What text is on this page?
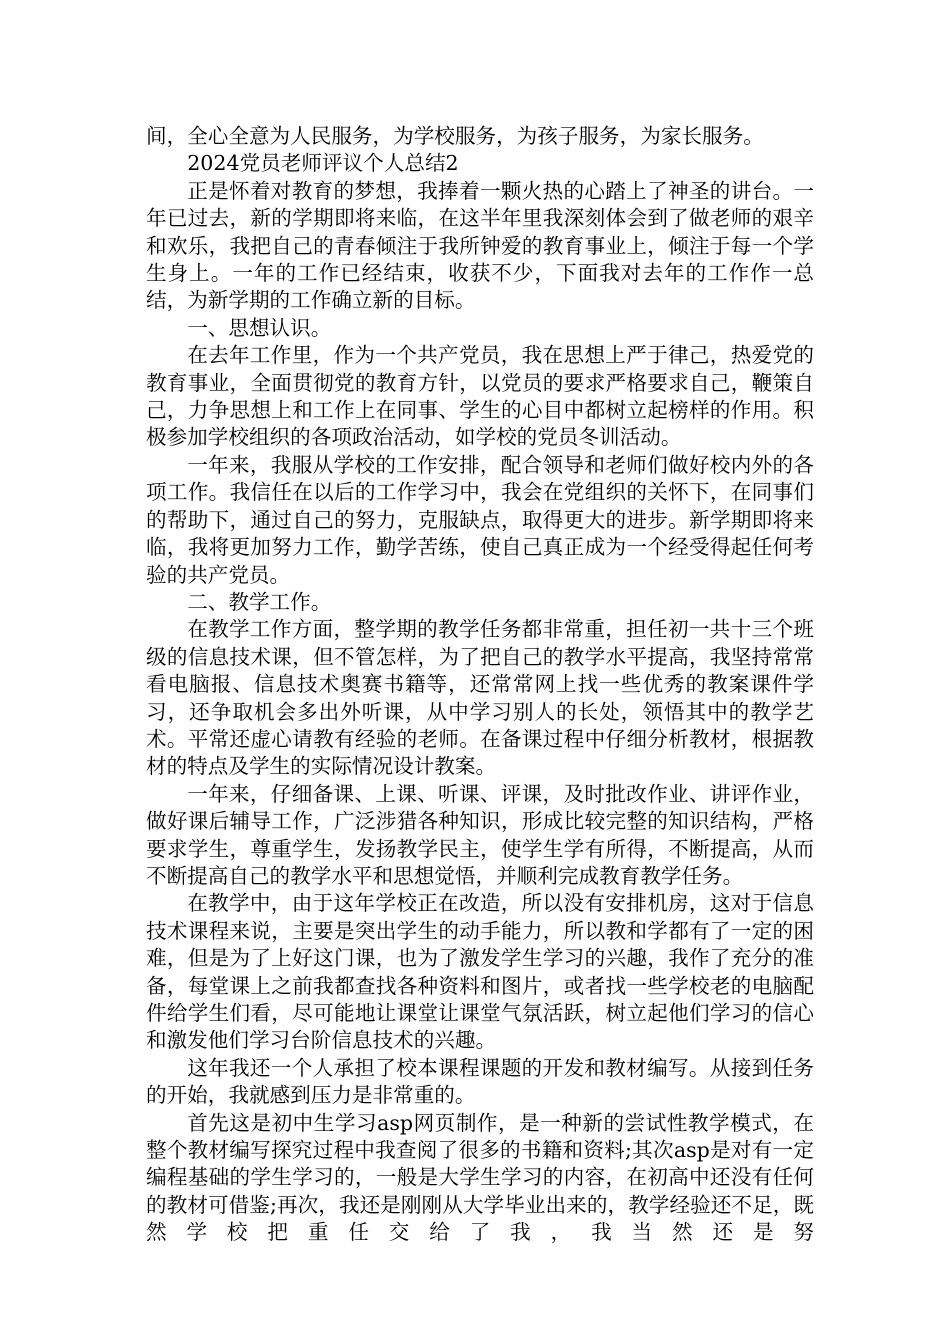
间，全心全意为人民服务，为学校服务，为孩子服务，为家长服务。

2024党员老师评议个人总结2

正是怀着对教育的梦想，我捧着一颗火热的心踏上了神圣的讲台。一年已过去，新的学期即将来临，在这半年里我深刻体会到了做老师的艰辛和欢乐，我把自己的青春倾注于我所钟爱的教育事业上，倾注于每一个学生身上。一年的工作已经结束，收获不少，下面我对去年的工作作一总结，为新学期的工作确立新的目标。

一、思想认识。

在去年工作里，作为一个共产党员，我在思想上严于律己，热爱党的教育事业，全面贯彻党的教育方针，以党员的要求严格要求自己，鞭策自己，力争思想上和工作上在同事、学生的心目中都树立起榜样的作用。积极参加学校组织的各项政治活动，如学校的党员冬训活动。

一年来，我服从学校的工作安排，配合领导和老师们做好校内外的各项工作。我信任在以后的工作学习中，我会在党组织的关怀下，在同事们的帮助下，通过自己的努力，克服缺点，取得更大的进步。新学期即将来临，我将更加努力工作，勤学苦练，使自己真正成为一个经受得起任何考验的共产党员。

二、教学工作。

在教学工作方面，整学期的教学任务都非常重，担任初一共十三个班级的信息技术课，但不管怎样，为了把自己的教学水平提高，我坚持常常看电脑报、信息技术奥赛书籍等，还常常网上找一些优秀的教案课件学习，还争取机会多出外听课，从中学习别人的长处，领悟其中的教学艺术。平常还虚心请教有经验的老师。在备课过程中仔细分析教材，根据教材的特点及学生的实际情况设计教案。

一年来，仔细备课、上课、听课、评课，及时批改作业、讲评作业，做好课后辅导工作，广泛涉猎各种知识，形成比较完整的知识结构，严格要求学生，尊重学生，发扬教学民主，使学生学有所得，不断提高，从而不断提高自己的教学水平和思想觉悟，并顺利完成教育教学任务。

在教学中，由于这年学校正在改造，所以没有安排机房，这对于信息技术课程来说，主要是突出学生的动手能力，所以教和学都有了一定的困难，但是为了上好这门课，也为了激发学生学习的兴趣，我作了充分的准备，每堂课上之前我都查找各种资料和图片，或者找一些学校老的电脑配件给学生们看，尽可能地让课堂让课堂气氛活跃，树立起他们学习的信心和激发他们学习台阶信息技术的兴趣。

这年我还一个人承担了校本课程课题的开发和教材编写。从接到任务的开始，我就感到压力是非常重的。

首先这是初中生学习asp网页制作，是一种新的尝试性教学模式，在整个教材编写探究过程中我查阅了很多的书籍和资料;其次asp是对有一定编程基础的学生学习的，一般是大学生学习的内容，在初高中还没有任何的教材可借鉴;再次，我还是刚刚从大学毕业出来的，教学经验还不足，既然学校把重任交给了我，我当然还是努
